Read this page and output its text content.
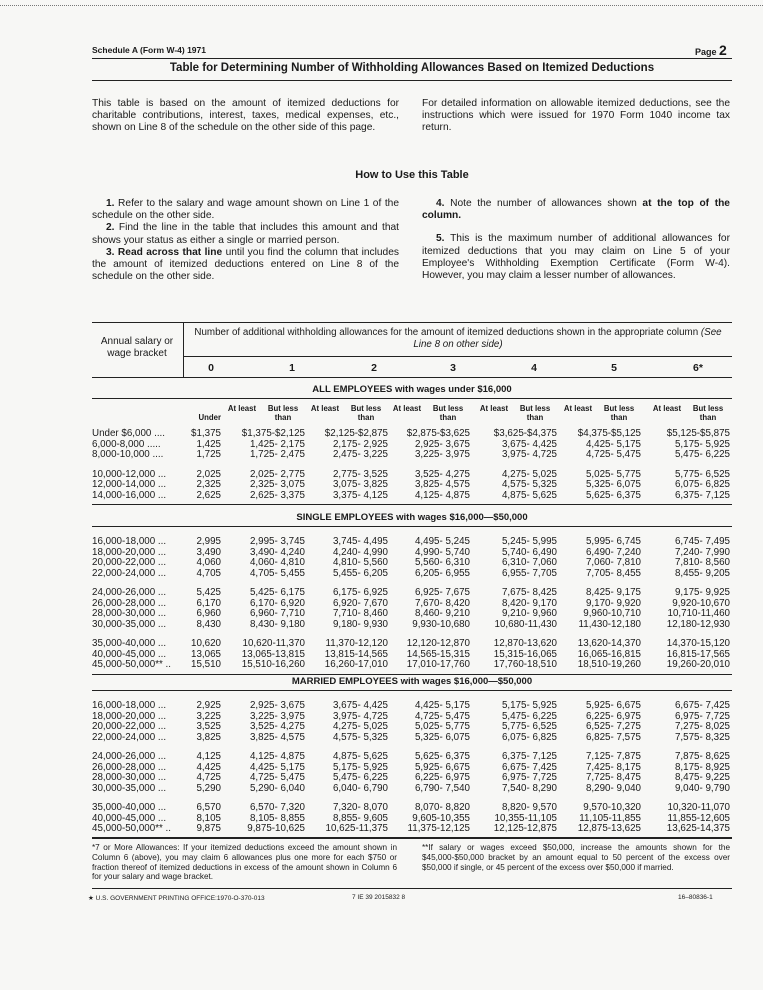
Schedule A (Form W-4) 1971	Page 2
Table for Determining Number of Withholding Allowances Based on Itemized Deductions
This table is based on the amount of itemized deductions for charitable contributions, interest, taxes, medical expenses, etc., shown on Line 8 of the schedule on the other side of this page.
For detailed information on allowable itemized deductions, see the instructions which were issued for 1970 Form 1040 income tax return.
How to Use this Table

1. Refer to the salary and wage amount shown on Line 1 of the schedule on the other side.

2. Find the line in the table that includes this amount and that shows your status as either a single or married person.

3. Read across that line until you find the column that includes the amount of itemized deductions entered on Line 8 of the schedule on the other side.

4. Note the number of allowances shown at the top of the column.

5. This is the maximum number of additional allowances for itemized deductions that you may claim on Line 5 of your Employee's Withholding Exemption Certificate (Form W-4). However, you may claim a lesser number of allowances.

Annual salary or wage bracket
Number of additional withholding allowances for the amount of itemized deductions shown in the appropriate column (See Line 8 on other side)
0	1	2	3	4	5	6*
ALL EMPLOYEES with wages under $16,000
Under
At least	But less than
At least	But less than
At least	But less than
At least	But less than
At least	But less than
At least	But less than
Under $6,000 ....	$1,375	$1,375-$2,125	$2,125-$2,875	$2,875-$3,625	$3,625-$4,375	$4,375-$5,125	$5,125-$5,875
6,000-8,000 .....	1,425	1,425- 2,175	2,175- 2,925	2,925- 3,675	3,675- 4,425	4,425- 5,175	5,175- 5,925
8,000-10,000 ....	1,725	1,725- 2,475	2,475- 3,225	3,225- 3,975	3,975- 4,725	4,725- 5,475	5,475- 6,225
10,000-12,000 ...	2,025	2,025- 2,775	2,775- 3,525	3,525- 4,275	4,275- 5,025	5,025- 5,775	5,775- 6,525
12,000-14,000 ...	2,325	2,325- 3,075	3,075- 3,825	3,825- 4,575	4,575- 5,325	5,325- 6,075	6,075- 6,825
14,000-16,000 ...	2,625	2,625- 3,375	3,375- 4,125	4,125- 4,875	4,875- 5,625	5,625- 6,375	6,375- 7,125
SINGLE EMPLOYEES with wages $16,000—$50,000
16,000-18,000 ...	2,995	2,995- 3,745	3,745- 4,495	4,495- 5,245	5,245- 5,995	5,995- 6,745	6,745- 7,495
18,000-20,000 ...	3,490	3,490- 4,240	4,240- 4,990	4,990- 5,740	5,740- 6,490	6,490- 7,240	7,240- 7,990
20,000-22,000 ...	4,060	4,060- 4,810	4,810- 5,560	5,560- 6,310	6,310- 7,060	7,060- 7,810	7,810- 8,560
22,000-24,000 ...	4,705	4,705- 5,455	5,455- 6,205	6,205- 6,955	6,955- 7,705	7,705- 8,455	8,455- 9,205
24,000-26,000 ...	5,425	5,425- 6,175	6,175- 6,925	6,925- 7,675	7,675- 8,425	8,425- 9,175	9,175- 9,925
26,000-28,000 ...	6,170	6,170- 6,920	6,920- 7,670	7,670- 8,420	8,420- 9,170	9,170- 9,920	9,920-10,670
28,000-30,000 ...	6,960	6,960- 7,710	7,710- 8,460	8,460- 9,210	9,210- 9,960	9,960-10,710	10,710-11,460
30,000-35,000 ...	8,430	8,430- 9,180	9,180- 9,930	9,930-10,680	10,680-11,430	11,430-12,180	12,180-12,930
35,000-40,000 ...	10,620	10,620-11,370	11,370-12,120	12,120-12,870	12,870-13,620	13,620-14,370	14,370-15,120
40,000-45,000 ...	13,065	13,065-13,815	13,815-14,565	14,565-15,315	15,315-16,065	16,065-16,815	16,815-17,565
45,000-50,000** ..	15,510	15,510-16,260	16,260-17,010	17,010-17,760	17,760-18,510	18,510-19,260	19,260-20,010
MARRIED EMPLOYEES with wages $16,000—$50,000
16,000-18,000 ...	2,925	2,925- 3,675	3,675- 4,425	4,425- 5,175	5,175- 5,925	5,925- 6,675	6,675- 7,425
18,000-20,000 ...	3,225	3,225- 3,975	3,975- 4,725	4,725- 5,475	5,475- 6,225	6,225- 6,975	6,975- 7,725
20,000-22,000 ...	3,525	3,525- 4,275	4,275- 5,025	5,025- 5,775	5,775- 6,525	6,525- 7,275	7,275- 8,025
22,000-24,000 ...	3,825	3,825- 4,575	4,575- 5,325	5,325- 6,075	6,075- 6,825	6,825- 7,575	7,575- 8,325
24,000-26,000 ...	4,125	4,125- 4,875	4,875- 5,625	5,625- 6,375	6,375- 7,125	7,125- 7,875	7,875- 8,625
26,000-28,000 ...	4,425	4,425- 5,175	5,175- 5,925	5,925- 6,675	6,675- 7,425	7,425- 8,175	8,175- 8,925
28,000-30,000 ...	4,725	4,725- 5,475	5,475- 6,225	6,225- 6,975	6,975- 7,725	7,725- 8,475	8,475- 9,225
30,000-35,000 ...	5,290	5,290- 6,040	6,040- 6,790	6,790- 7,540	7,540- 8,290	8,290- 9,040	9,040- 9,790
35,000-40,000 ...	6,570	6,570- 7,320	7,320- 8,070	8,070- 8,820	8,820- 9,570	9,570-10,320	10,320-11,070
40,000-45,000 ...	8,105	8,105- 8,855	8,855- 9,605	9,605-10,355	10,355-11,105	11,105-11,855	11,855-12,605
45,000-50,000** ..	9,875	9,875-10,625	10,625-11,375	11,375-12,125	12,125-12,875	12,875-13,625	13,625-14,375
*7 or More Allowances: If your itemized deductions exceed the amount shown in Column 6 (above), you may claim 6 allowances plus one more for each $750 or fraction thereof of itemized deductions in excess of the amount shown in Column 6 for your salary and wage bracket.
**If salary or wages exceed $50,000, increase the amounts shown for the $45,000-$50,000 bracket by an amount equal to 50 percent of the excess over $50,000 if single, or 45 percent of the excess over $50,000 if married.
★ U.S. GOVERNMENT PRINTING OFFICE:1970-O-370-013	7 IE 39 2015832 8	16–80836-1
